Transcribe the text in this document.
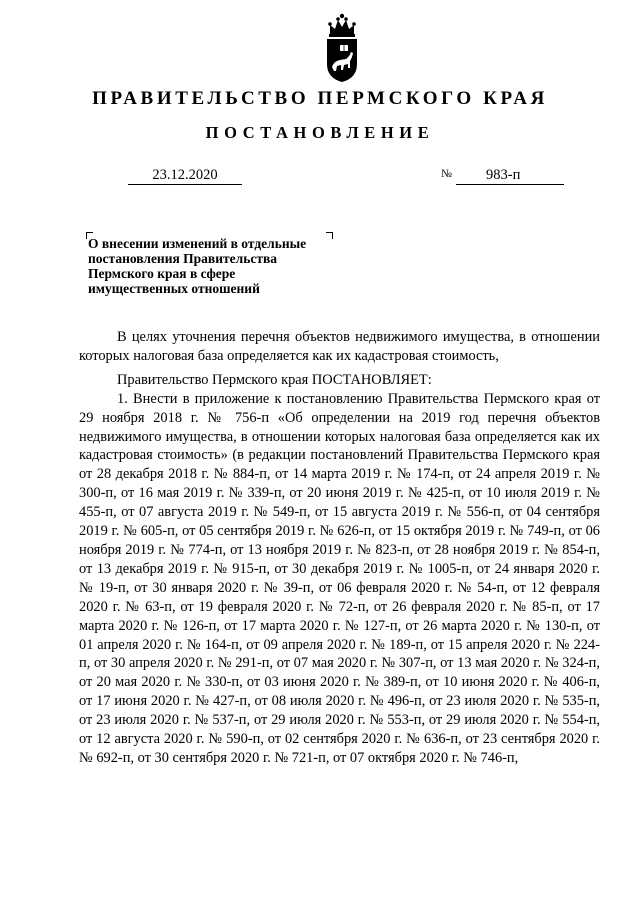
ПРАВИТЕЛЬСТВО ПЕРМСКОГО КРАЯ
ПОСТАНОВЛЕНИЕ
23.12.2020	№	983-п
О внесении изменений в отдельные постановления Правительства Пермского края в сфере имущественных отношений

В целях уточнения перечня объектов недвижимого имущества, в отношении которых налоговая база определяется как их кадастровая стоимость,

Правительство Пермского края ПОСТАНОВЛЯЕТ:

1. Внести в приложение к постановлению Правительства Пермского края от 29 ноября 2018 г. № 756-п «Об определении на 2019 год перечня объектов недвижимого имущества, в отношении которых налоговая база определяется как их кадастровая стоимость» (в редакции постановлений Правительства Пермского края от 28 декабря 2018 г. № 884-п, от 14 марта 2019 г. № 174-п, от 24 апреля 2019 г. № 300-п, от 16 мая 2019 г. № 339-п, от 20 июня 2019 г. № 425-п, от 10 июля 2019 г. № 455-п, от 07 августа 2019 г. № 549-п, от 15 августа 2019 г. № 556-п, от 04 сентября 2019 г. № 605-п, от 05 сентября 2019 г. № 626-п, от 15 октября 2019 г. № 749-п, от 06 ноября 2019 г. № 774-п, от 13 ноября 2019 г. № 823-п, от 28 ноября 2019 г. № 854-п, от 13 декабря 2019 г. № 915-п, от 30 декабря 2019 г. № 1005-п, от 24 января 2020 г. № 19-п, от 30 января 2020 г. № 39-п, от 06 февраля 2020 г. № 54-п, от 12 февраля 2020 г. № 63-п, от 19 февраля 2020 г. № 72-п, от 26 февраля 2020 г. № 85-п, от 17 марта 2020 г. № 126-п, от 17 марта 2020 г. № 127-п, от 26 марта 2020 г. № 130-п, от 01 апреля 2020 г. № 164-п, от 09 апреля 2020 г. № 189-п, от 15 апреля 2020 г. № 224-п, от 30 апреля 2020 г. № 291-п, от 07 мая 2020 г. № 307-п, от 13 мая 2020 г. № 324-п, от 20 мая 2020 г. № 330-п, от 03 июня 2020 г. № 389-п, от 10 июня 2020 г. № 406-п, от 17 июня 2020 г. № 427-п, от 08 июля 2020 г. № 496-п, от 23 июля 2020 г. № 535-п, от 23 июля 2020 г. № 537-п, от 29 июля 2020 г. № 553-п, от 29 июля 2020 г. № 554-п, от 12 августа 2020 г. № 590-п, от 02 сентября 2020 г. № 636-п, от 23 сентября 2020 г. № 692-п, от 30 сентября 2020 г. № 721-п, от 07 октября 2020 г. № 746-п,
